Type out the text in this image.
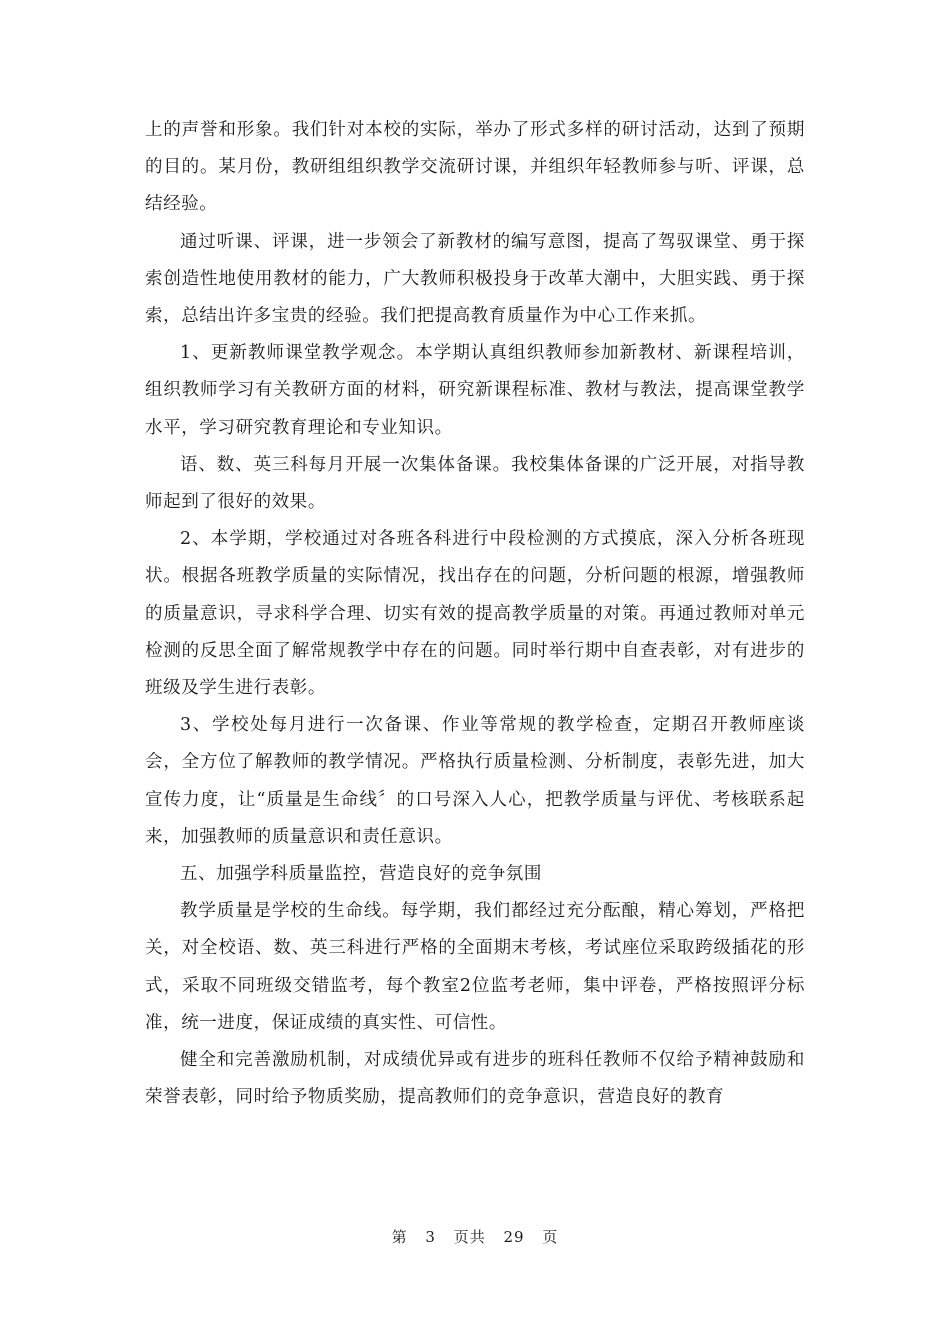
上的声誉和形象。我们针对本校的实际，举办了形式多样的研讨活动，达到了预期的目的。某月份，教研组组织教学交流研讨课，并组织年轻教师参与听、评课，总结经验。

通过听课、评课，进一步领会了新教材的编写意图，提高了驾驭课堂、勇于探索创造性地使用教材的能力，广大教师积极投身于改革大潮中，大胆实践、勇于探索，总结出许多宝贵的经验。我们把提高教育质量作为中心工作来抓。

1、更新教师课堂教学观念。本学期认真组织教师参加新教材、新课程培训，组织教师学习有关教研方面的材料，研究新课程标准、教材与教法，提高课堂教学水平，学习研究教育理论和专业知识。

语、数、英三科每月开展一次集体备课。我校集体备课的广泛开展，对指导教师起到了很好的效果。

2、本学期，学校通过对各班各科进行中段检测的方式摸底，深入分析各班现状。根据各班教学质量的实际情况，找出存在的问题，分析问题的根源，增强教师的质量意识，寻求科学合理、切实有效的提高教学质量的对策。再通过教师对单元检测的反思全面了解常规教学中存在的问题。同时举行期中自查表彰，对有进步的班级及学生进行表彰。

3、学校处每月进行一次备课、作业等常规的教学检查，定期召开教师座谈会，全方位了解教师的教学情况。严格执行质量检测、分析制度，表彰先进，加大宣传力度，让“质量是生命线〞的口号深入人心，把教学质量与评优、考核联系起来，加强教师的质量意识和责任意识。

五、加强学科质量监控，营造良好的竞争氛围

教学质量是学校的生命线。每学期，我们都经过充分酝酿，精心筹划，严格把关，对全校语、数、英三科进行严格的全面期末考核，考试座位采取跨级插花的形式，采取不同班级交错监考，每个教室2位监考老师，集中评卷，严格按照评分标准，统一进度，保证成绩的真实性、可信性。

健全和完善激励机制，对成绩优异或有进步的班科任教师不仅给予精神鼓励和荣誉表彰，同时给予物质奖励，提高教师们的竞争意识，营造良好的教育

第 3 页共 29 页
